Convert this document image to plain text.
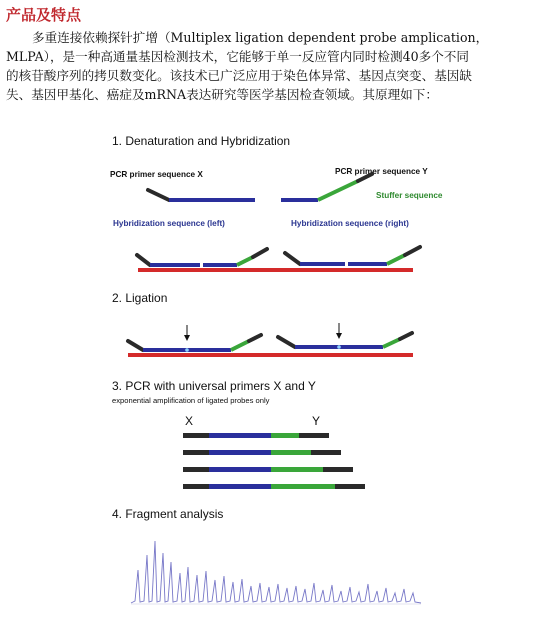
产品及特点
多重连接依赖探针扩增（Multiplex ligation dependent probe amplication，
MLPA），是一种高通量基因检测技术，它能够于单一反应管内同时检测40多个不同
的核苷酸序列的拷贝数变化。该技术已广泛应用于染色体异常、基因点突变、基因缺
失、基因甲基化、癌症及mRNA表达研究等医学基因检查领域。其原理如下：
1. Denaturation and Hybridization
PCR primer sequence X	PCR primer sequence Y
Stuffer sequence
Hybridization sequence (left)	Hybridization sequence (right)
2. Ligation
3. PCR with universal primers X and Y
exponential amplification of ligated probes only
X	Y
4. Fragment analysis
